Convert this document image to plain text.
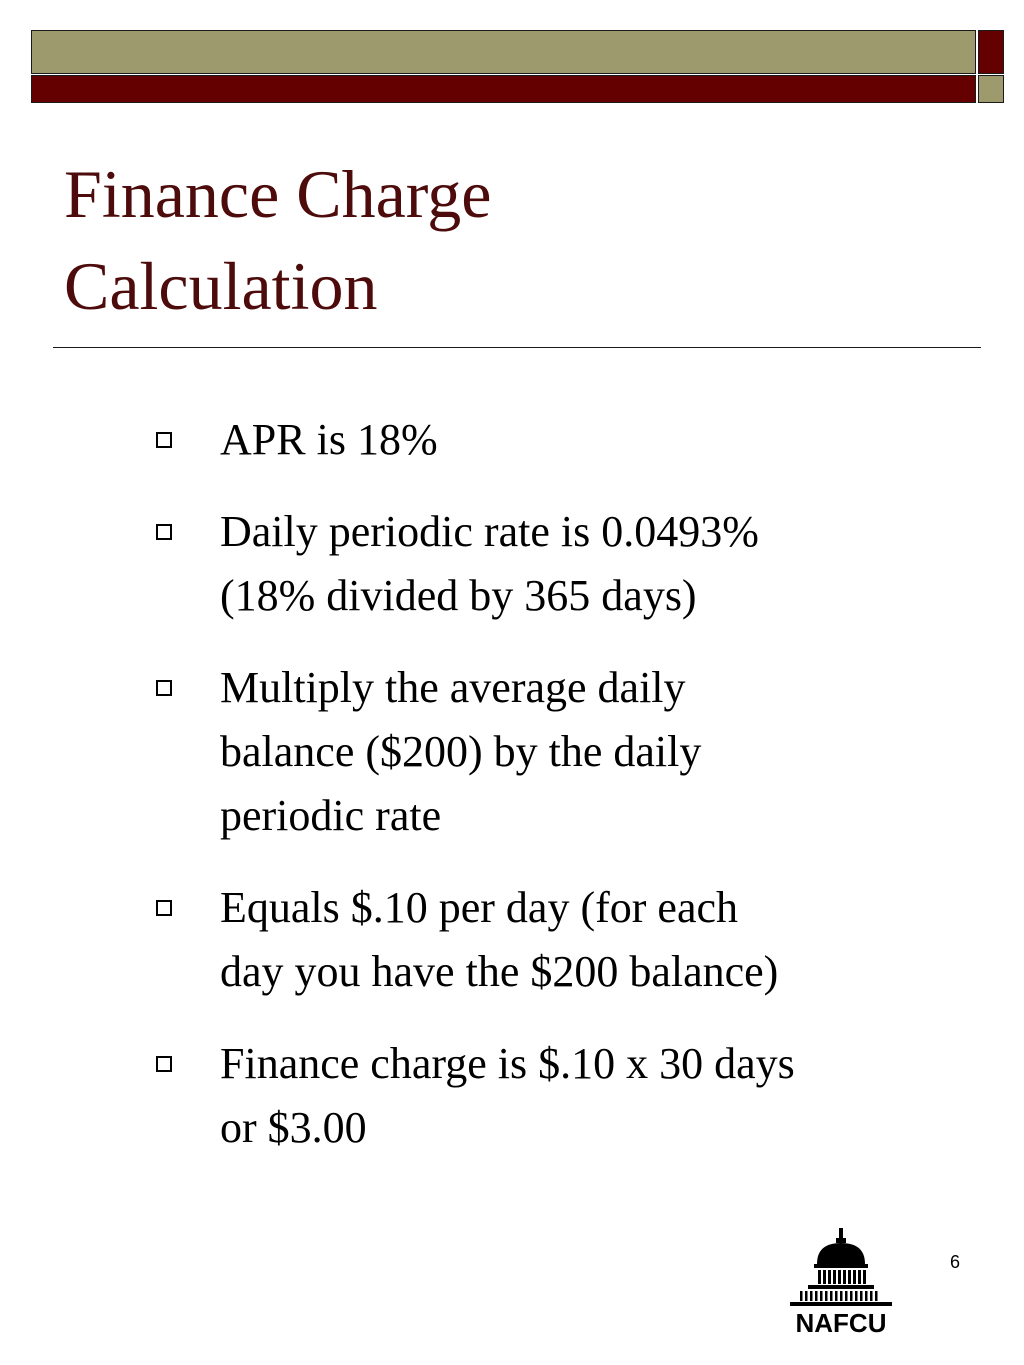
Finance Charge
Calculation
APR is 18%
Daily periodic rate is 0.0493%
(18% divided by 365 days)
Multiply the average daily
balance ($200) by the daily
periodic rate
Equals $.10 per day (for each
day you have the $200 balance)
Finance charge is $.10 x 30 days
or $3.00
6
NAFCU
